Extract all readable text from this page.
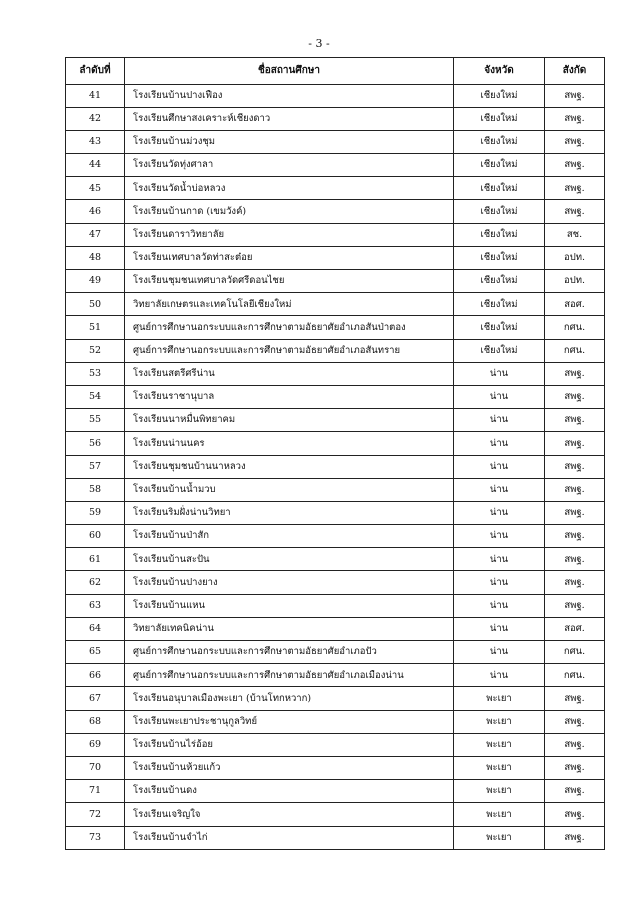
- 3 -
ลำดับที่	ชื่อสถานศึกษา	จังหวัด	สังกัด
41	โรงเรียนบ้านปางเฟือง	เชียงใหม่	สพฐ.
42	โรงเรียนศึกษาสงเคราะห์เชียงดาว	เชียงใหม่	สพฐ.
43	โรงเรียนบ้านม่วงชุม	เชียงใหม่	สพฐ.
44	โรงเรียนวัดทุ่งศาลา	เชียงใหม่	สพฐ.
45	โรงเรียนวัดน้ำบ่อหลวง	เชียงใหม่	สพฐ.
46	โรงเรียนบ้านกาด (เขมวังค์)	เชียงใหม่	สพฐ.
47	โรงเรียนดาราวิทยาลัย	เชียงใหม่	สช.
48	โรงเรียนเทศบาลวัดท่าสะต๋อย	เชียงใหม่	อปท.
49	โรงเรียนชุมชนเทศบาลวัดศรีดอนไชย	เชียงใหม่	อปท.
50	วิทยาลัยเกษตรและเทคโนโลยีเชียงใหม่	เชียงใหม่	สอศ.
51	ศูนย์การศึกษานอกระบบและการศึกษาตามอัธยาศัยอำเภอสันป่าตอง	เชียงใหม่	กศน.
52	ศูนย์การศึกษานอกระบบและการศึกษาตามอัธยาศัยอำเภอสันทราย	เชียงใหม่	กศน.
53	โรงเรียนสตรีศรีน่าน	น่าน	สพฐ.
54	โรงเรียนราชานุบาล	น่าน	สพฐ.
55	โรงเรียนนาหมื่นพิทยาคม	น่าน	สพฐ.
56	โรงเรียนน่านนคร	น่าน	สพฐ.
57	โรงเรียนชุมชนบ้านนาหลวง	น่าน	สพฐ.
58	โรงเรียนบ้านน้ำมวบ	น่าน	สพฐ.
59	โรงเรียนริมฝั่งน่านวิทยา	น่าน	สพฐ.
60	โรงเรียนบ้านป่าสัก	น่าน	สพฐ.
61	โรงเรียนบ้านสะปัน	น่าน	สพฐ.
62	โรงเรียนบ้านปางยาง	น่าน	สพฐ.
63	โรงเรียนบ้านแหน	น่าน	สพฐ.
64	วิทยาลัยเทคนิคน่าน	น่าน	สอศ.
65	ศูนย์การศึกษานอกระบบและการศึกษาตามอัธยาศัยอำเภอปัว	น่าน	กศน.
66	ศูนย์การศึกษานอกระบบและการศึกษาตามอัธยาศัยอำเภอเมืองน่าน	น่าน	กศน.
67	โรงเรียนอนุบาลเมืองพะเยา (บ้านโทกหวาก)	พะเยา	สพฐ.
68	โรงเรียนพะเยาประชานุกูลวิทย์	พะเยา	สพฐ.
69	โรงเรียนบ้านไร่อ้อย	พะเยา	สพฐ.
70	โรงเรียนบ้านห้วยแก้ว	พะเยา	สพฐ.
71	โรงเรียนบ้านดง	พะเยา	สพฐ.
72	โรงเรียนเจริญใจ	พะเยา	สพฐ.
73	โรงเรียนบ้านจำไก่	พะเยา	สพฐ.
